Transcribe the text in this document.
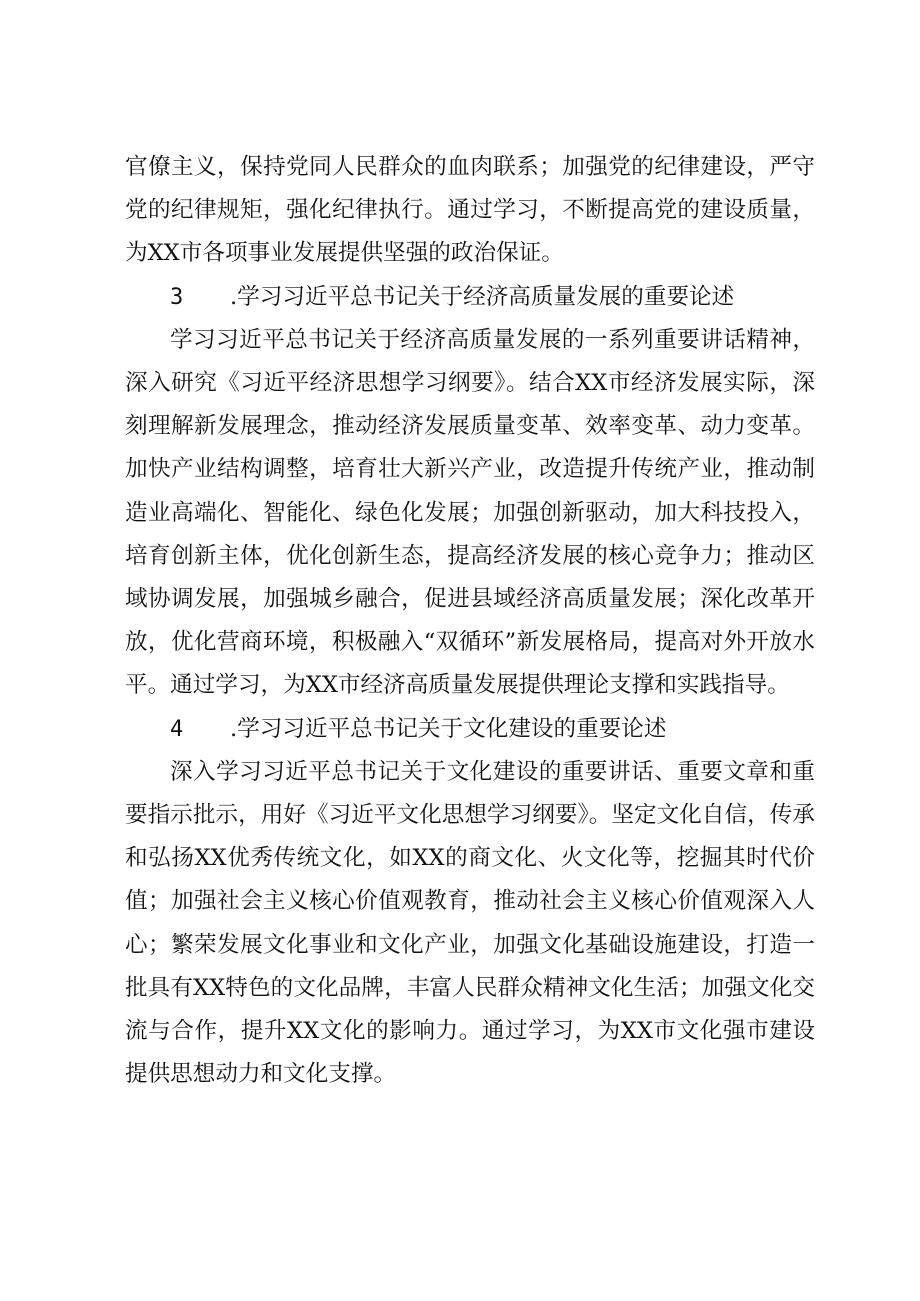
官僚主义，保持党同人民群众的血肉联系；加强党的纪律建设，严守党的纪律规矩，强化纪律执行。通过学习，不断提高党的建设质量，为XX市各项事业发展提供坚强的政治保证。

3	.学习习近平总书记关于经济高质量发展的重要论述

学习习近平总书记关于经济高质量发展的一系列重要讲话精神，深入研究《习近平经济思想学习纲要》。结合XX市经济发展实际，深刻理解新发展理念，推动经济发展质量变革、效率变革、动力变革。加快产业结构调整，培育壮大新兴产业，改造提升传统产业，推动制造业高端化、智能化、绿色化发展；加强创新驱动，加大科技投入，培育创新主体，优化创新生态，提高经济发展的核心竞争力；推动区域协调发展，加强城乡融合，促进县域经济高质量发展；深化改革开放，优化营商环境，积极融入“双循环”新发展格局，提高对外开放水平。通过学习，为XX市经济高质量发展提供理论支撑和实践指导。

4	.学习习近平总书记关于文化建设的重要论述

深入学习习近平总书记关于文化建设的重要讲话、重要文章和重要指示批示，用好《习近平文化思想学习纲要》。坚定文化自信，传承和弘扬XX优秀传统文化，如XX的商文化、火文化等，挖掘其时代价值；加强社会主义核心价值观教育，推动社会主义核心价值观深入人心；繁荣发展文化事业和文化产业，加强文化基础设施建设，打造一批具有XX特色的文化品牌，丰富人民群众精神文化生活；加强文化交流与合作，提升XX文化的影响力。通过学习，为XX市文化强市建设提供思想动力和文化支撑。
